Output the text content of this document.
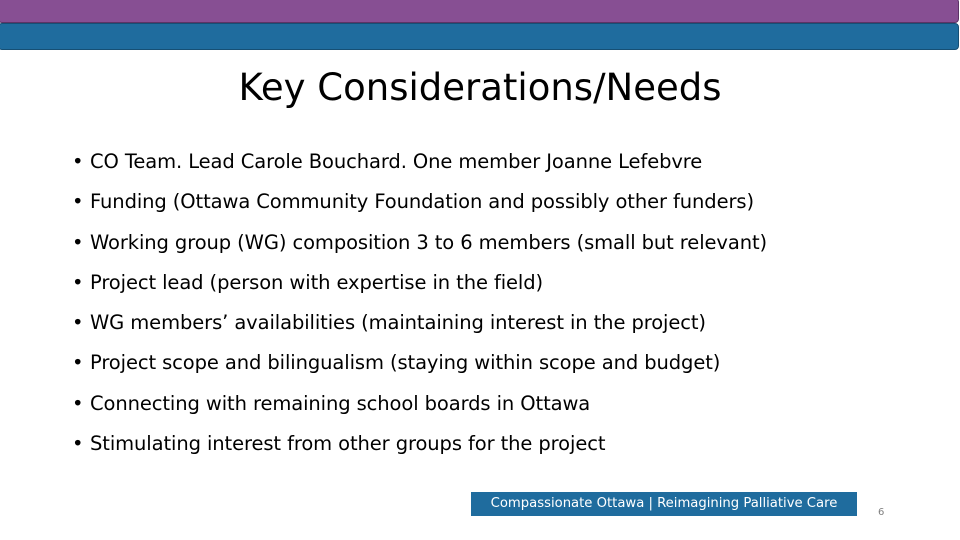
Key Considerations/Needs
• CO Team. Lead Carole Bouchard. One member Joanne Lefebvre
• Funding (Ottawa Community Foundation and possibly other funders)
• Working group (WG) composition 3 to 6 members (small but relevant)
• Project lead (person with expertise in the field)
• WG members’ availabilities (maintaining interest in the project)
• Project scope and bilingualism (staying within scope and budget)
• Connecting with remaining school boards in Ottawa
• Stimulating interest from other groups for the project
Compassionate Ottawa | Reimagining Palliative Care
6
